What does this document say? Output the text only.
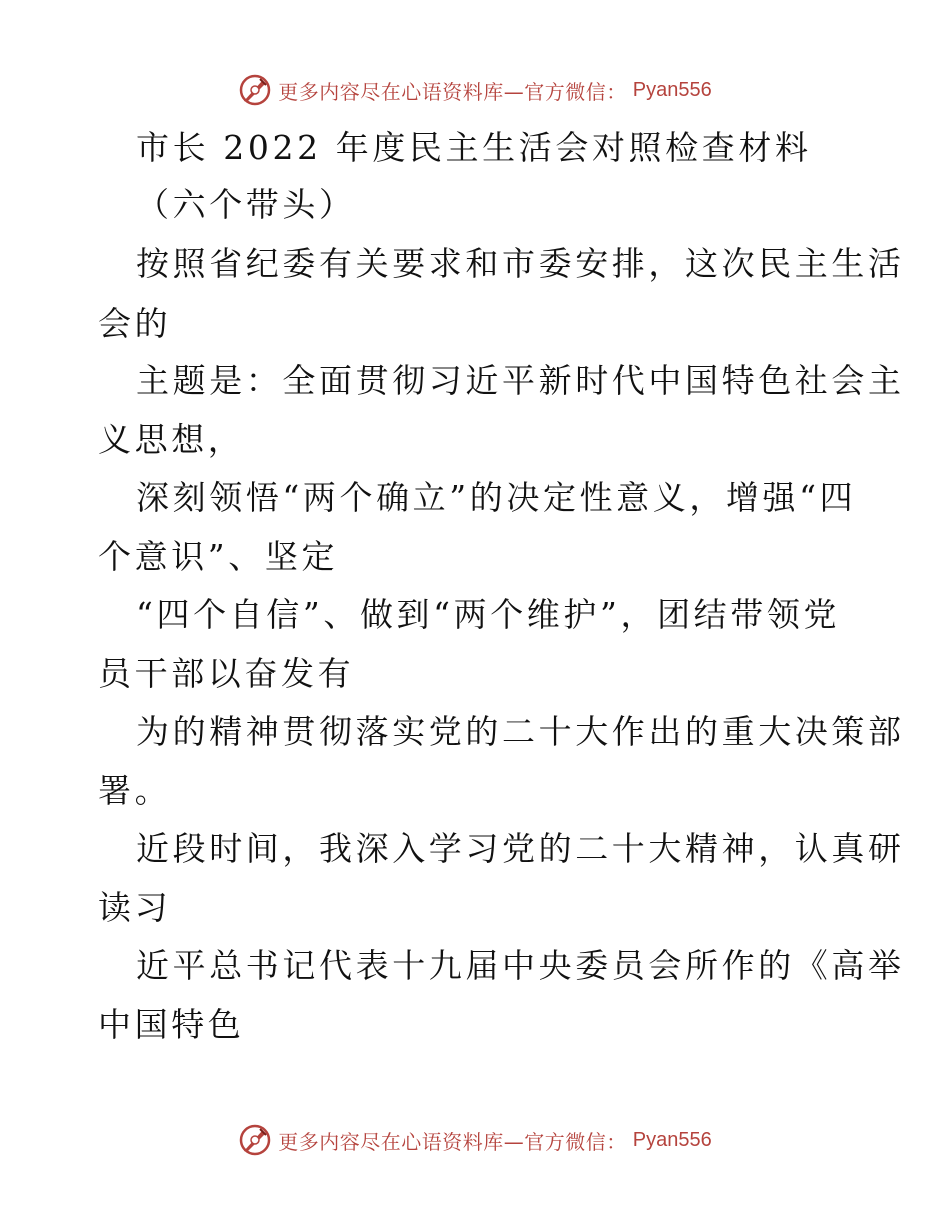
更多内容尽在心语资料库—官方微信： Pyan556
市长 2022 年度民主生活会对照检查材料
（六个带头）
按照省纪委有关要求和市委安排，这次民主生活
会的
主题是：全面贯彻习近平新时代中国特色社会主
义思想，
深刻领悟“两个确立”的决定性意义，增强“四
个意识”、坚定
“四个自信”、做到“两个维护”，团结带领党
员干部以奋发有
为的精神贯彻落实党的二十大作出的重大决策部
署。
近段时间，我深入学习党的二十大精神，认真研
读习
近平总书记代表十九届中央委员会所作的《高举
中国特色
更多内容尽在心语资料库—官方微信： Pyan556
